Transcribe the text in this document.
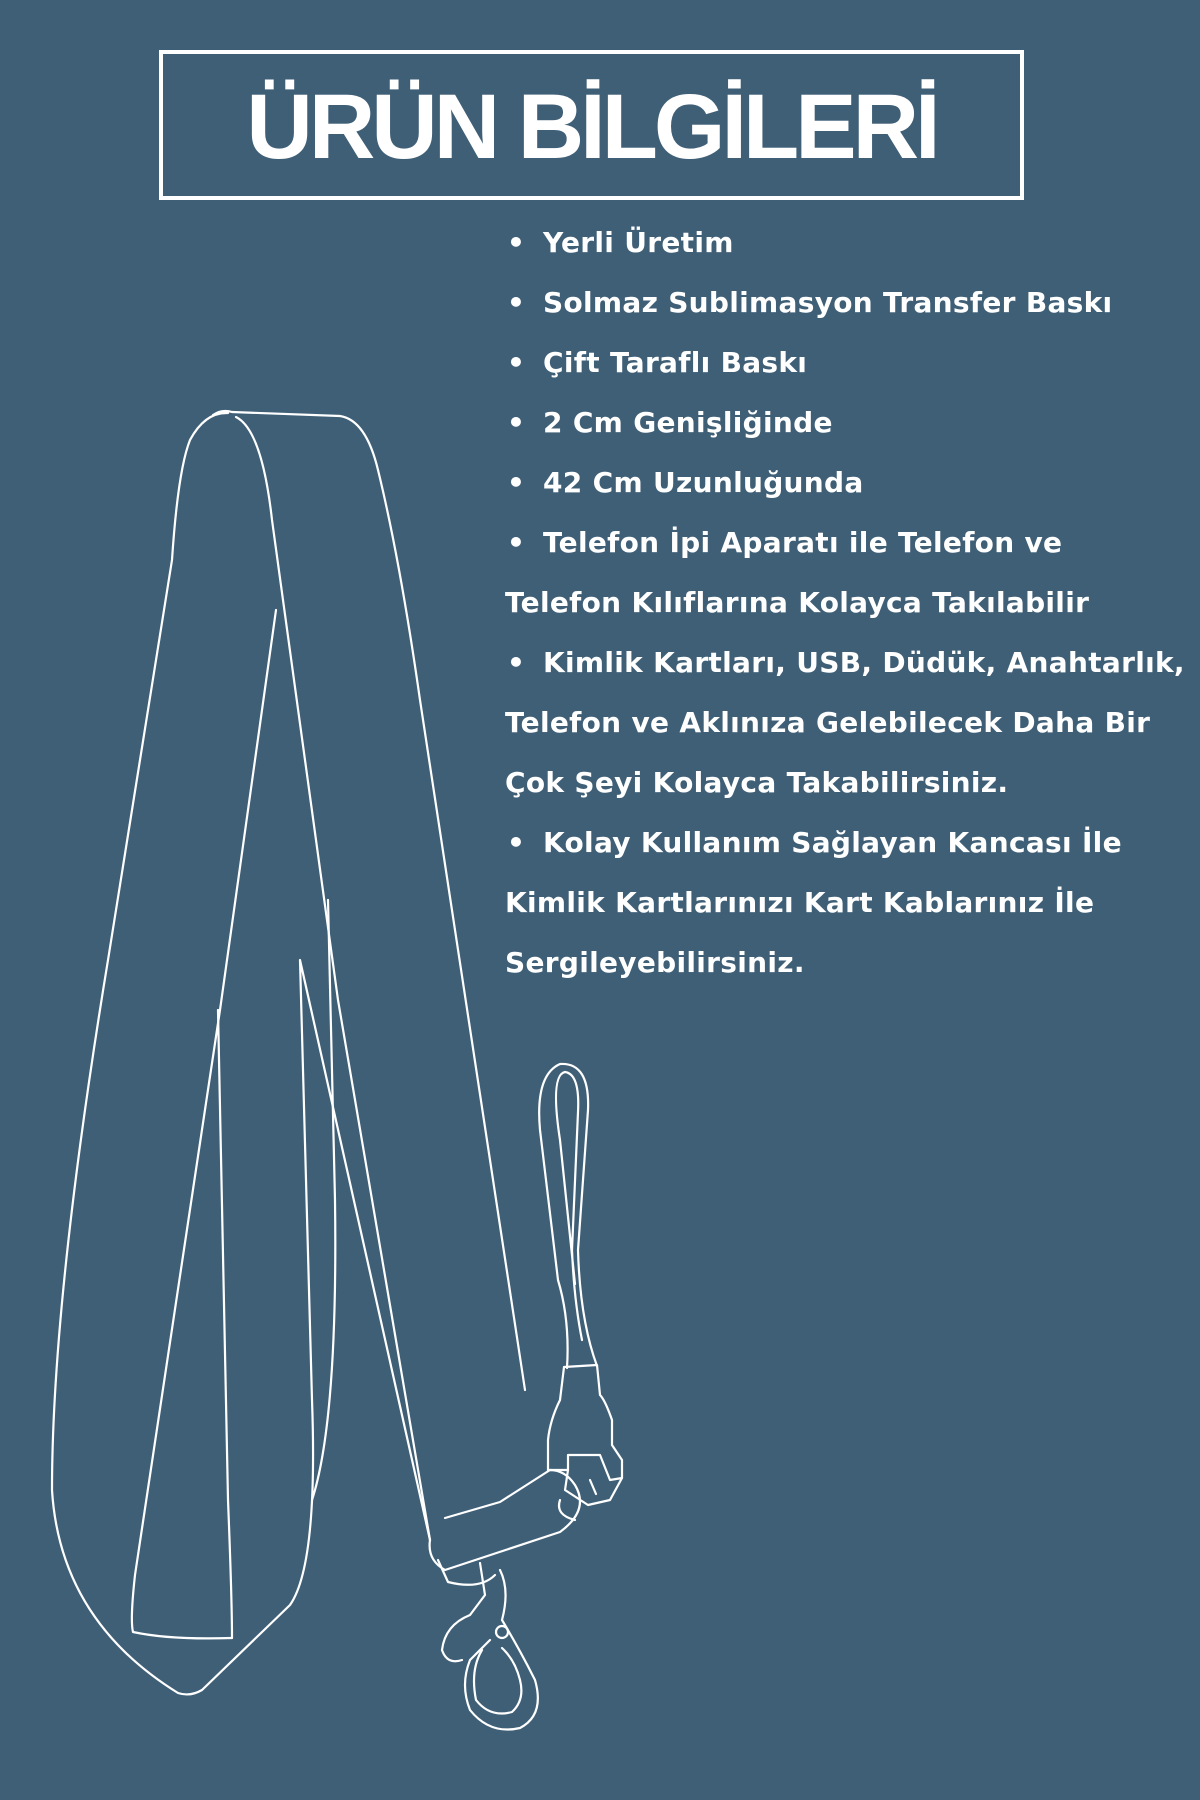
ÜRÜN BİLGİLERİ
• Yerli Üretim
• Solmaz Sublimasyon Transfer Baskı
• Çift Taraflı Baskı
• 2 Cm Genişliğinde
• 42 Cm Uzunluğunda
• Telefon İpi Aparatı ile Telefon ve
Telefon Kılıflarına Kolayca Takılabilir
• Kimlik Kartları, USB, Düdük, Anahtarlık,
Telefon ve Aklınıza Gelebilecek Daha Bir
Çok Şeyi Kolayca Takabilirsiniz.
• Kolay Kullanım Sağlayan Kancası İle
Kimlik Kartlarınızı Kart Kablarınız İle
Sergileyebilirsiniz.
